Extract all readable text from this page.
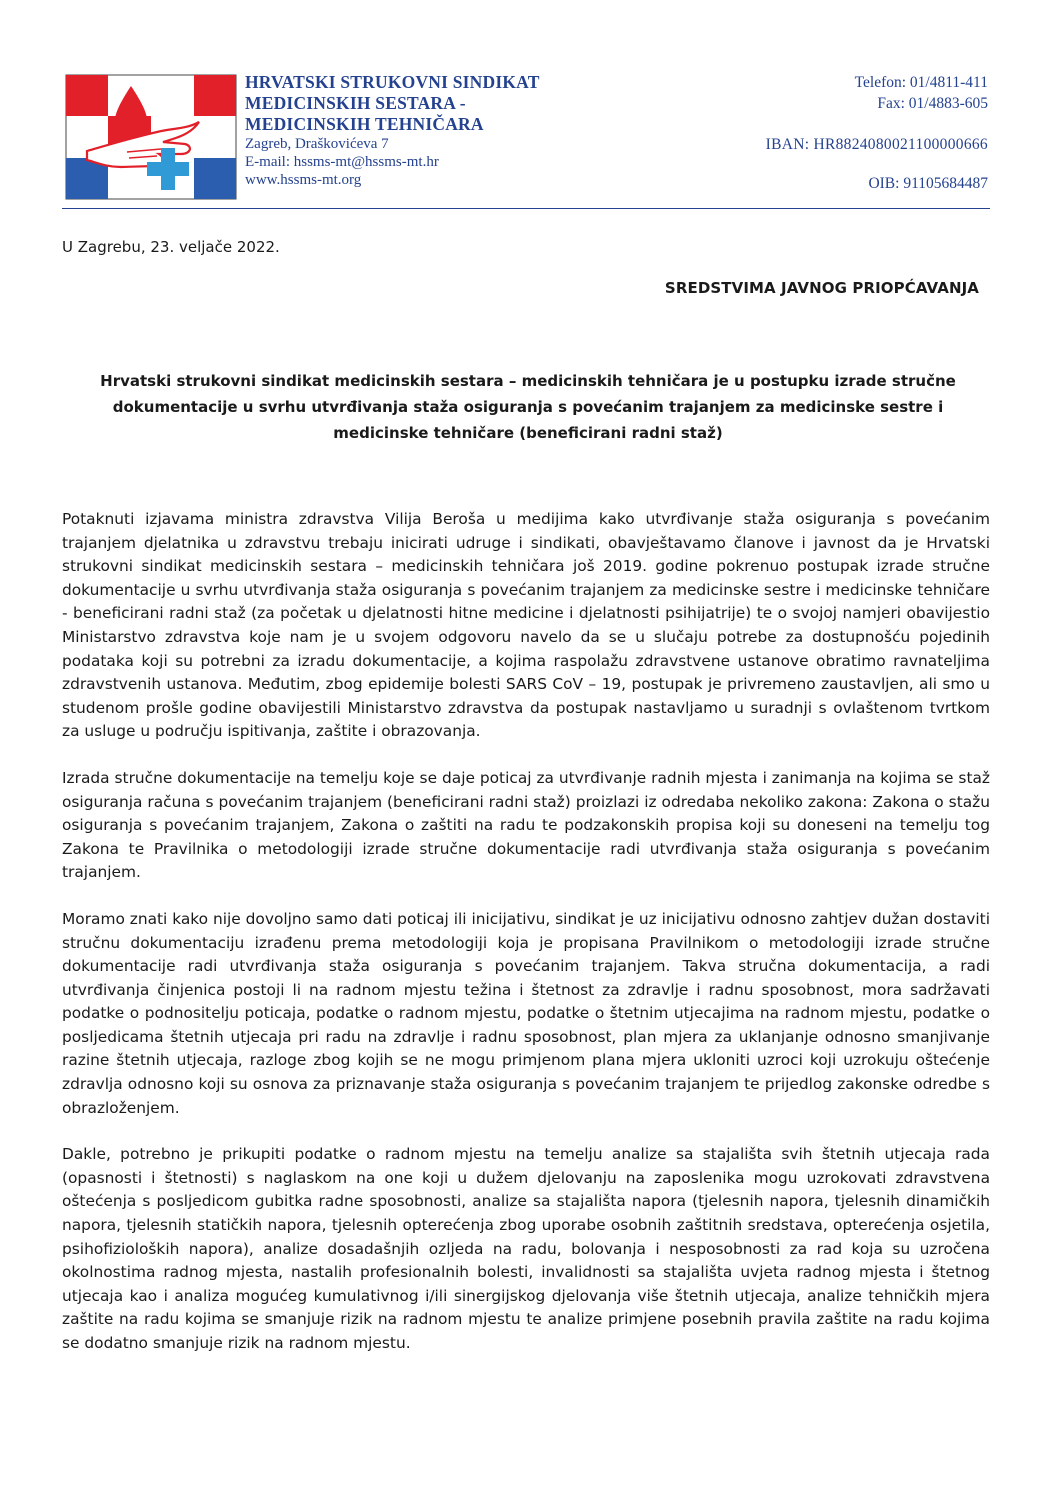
HRVATSKI STRUKOVNI SINDIKAT
MEDICINSKIH SESTARA -
MEDICINSKIH TEHNIČARA
Zagreb, Draškovićeva 7
E-mail: hssms-mt@hssms-mt.hr
www.hssms-mt.org
Telefon: 01/4811-411
Fax: 01/4883-605
IBAN: HR8824080021100000666
OIB: 91105684487
U Zagrebu, 23. veljače 2022.
SREDSTVIMA JAVNOG PRIOPĆAVANJA
Hrvatski strukovni sindikat medicinskih sestara – medicinskih tehničara je u postupku izrade stručne dokumentacije u svrhu utvrđivanja staža osiguranja s povećanim trajanjem za medicinske sestre i medicinske tehničare (beneficirani radni staž)

Potaknuti izjavama ministra zdravstva Vilija Beroša u medijima kako utvrđivanje staža osiguranja s povećanim trajanjem djelatnika u zdravstvu trebaju inicirati udruge i sindikati, obavještavamo članove i javnost da je Hrvatski strukovni sindikat medicinskih sestara – medicinskih tehničara još 2019. godine pokrenuo postupak izrade stručne dokumentacije u svrhu utvrđivanja staža osiguranja s povećanim trajanjem za medicinske sestre i medicinske tehničare - beneficirani radni staž (za početak u djelatnosti hitne medicine i djelatnosti psihijatrije) te o svojoj namjeri obavijestio Ministarstvo zdravstva koje nam je u svojem odgovoru navelo da se u slučaju potrebe za dostupnošću pojedinih podataka koji su potrebni za izradu dokumentacije, a kojima raspolažu zdravstvene ustanove obratimo ravnateljima zdravstvenih ustanova. Međutim, zbog epidemije bolesti SARS CoV – 19, postupak je privremeno zaustavljen, ali smo u studenom prošle godine obavijestili Ministarstvo zdravstva da postupak nastavljamo u suradnji s ovlaštenom tvrtkom za usluge u području ispitivanja, zaštite i obrazovanja.

Izrada stručne dokumentacije na temelju koje se daje poticaj za utvrđivanje radnih mjesta i zanimanja na kojima se staž osiguranja računa s povećanim trajanjem (beneficirani radni staž) proizlazi iz odredaba nekoliko zakona: Zakona o stažu osiguranja s povećanim trajanjem, Zakona o zaštiti na radu te podzakonskih propisa koji su doneseni na temelju tog Zakona te Pravilnika o metodologiji izrade stručne dokumentacije radi utvrđivanja staža osiguranja s povećanim trajanjem.

Moramo znati kako nije dovoljno samo dati poticaj ili inicijativu, sindikat je uz inicijativu odnosno zahtjev dužan dostaviti stručnu dokumentaciju izrađenu prema metodologiji koja je propisana Pravilnikom o metodologiji izrade stručne dokumentacije radi utvrđivanja staža osiguranja s povećanim trajanjem. Takva stručna dokumentacija, a radi utvrđivanja činjenica postoji li na radnom mjestu težina i štetnost za zdravlje i radnu sposobnost, mora sadržavati podatke o podnositelju poticaja, podatke o radnom mjestu, podatke o štetnim utjecajima na radnom mjestu, podatke o posljedicama štetnih utjecaja pri radu na zdravlje i radnu sposobnost, plan mjera za uklanjanje odnosno smanjivanje razine štetnih utjecaja, razloge zbog kojih se ne mogu primjenom plana mjera ukloniti uzroci koji uzrokuju oštećenje zdravlja odnosno koji su osnova za priznavanje staža osiguranja s povećanim trajanjem te prijedlog zakonske odredbe s obrazloženjem.

Dakle, potrebno je prikupiti podatke o radnom mjestu na temelju analize sa stajališta svih štetnih utjecaja rada (opasnosti i štetnosti) s naglaskom na one koji u dužem djelovanju na zaposlenika mogu uzrokovati zdravstvena oštećenja s posljedicom gubitka radne sposobnosti, analize sa stajališta napora (tjelesnih napora, tjelesnih dinamičkih napora, tjelesnih statičkih napora, tjelesnih opterećenja zbog uporabe osobnih zaštitnih sredstava, opterećenja osjetila, psihofizioloških napora), analize dosadašnjih ozljeda na radu, bolovanja i nesposobnosti za rad koja su uzročena okolnostima radnog mjesta, nastalih profesionalnih bolesti, invalidnosti sa stajališta uvjeta radnog mjesta i štetnog utjecaja kao i analiza mogućeg kumulativnog i/ili sinergijskog djelovanja više štetnih utjecaja, analize tehničkih mjera zaštite na radu kojima se smanjuje rizik na radnom mjestu te analize primjene posebnih pravila zaštite na radu kojima se dodatno smanjuje rizik na radnom mjestu.
